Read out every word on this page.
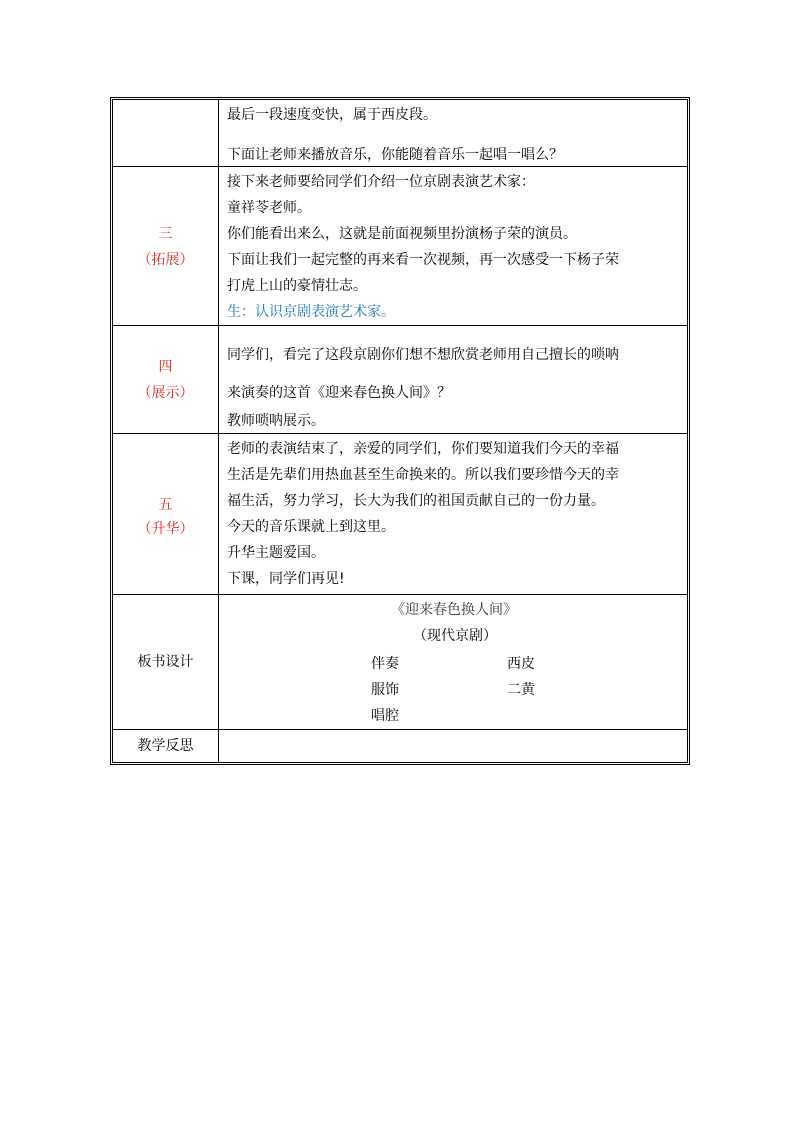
最后一段速度变快，属于西皮段。
下面让老师来播放音乐，你能随着音乐一起唱一唱么？
三
（拓展）
接下来老师要给同学们介绍一位京剧表演艺术家：
童祥苓老师。
你们能看出来么，这就是前面视频里扮演杨子荣的演员。
下面让我们一起完整的再来看一次视频，再一次感受一下杨子荣
打虎上山的豪情壮志。
生：认识京剧表演艺术家。
四
（展示）
同学们，看完了这段京剧你们想不想欣赏老师用自己擅长的唢呐
来演奏的这首《迎来春色换人间》？
教师唢呐展示。
五
（升华）
老师的表演结束了，亲爱的同学们，你们要知道我们今天的幸福
生活是先辈们用热血甚至生命换来的。所以我们要珍惜今天的幸
福生活，努力学习，长大为我们的祖国贡献自己的一份力量。
今天的音乐课就上到这里。
升华主题爱国。
下课，同学们再见!
板书设计
《迎来春色换人间》
（现代京剧）
伴奏
服饰
唱腔
西皮
二黄
教学反思
